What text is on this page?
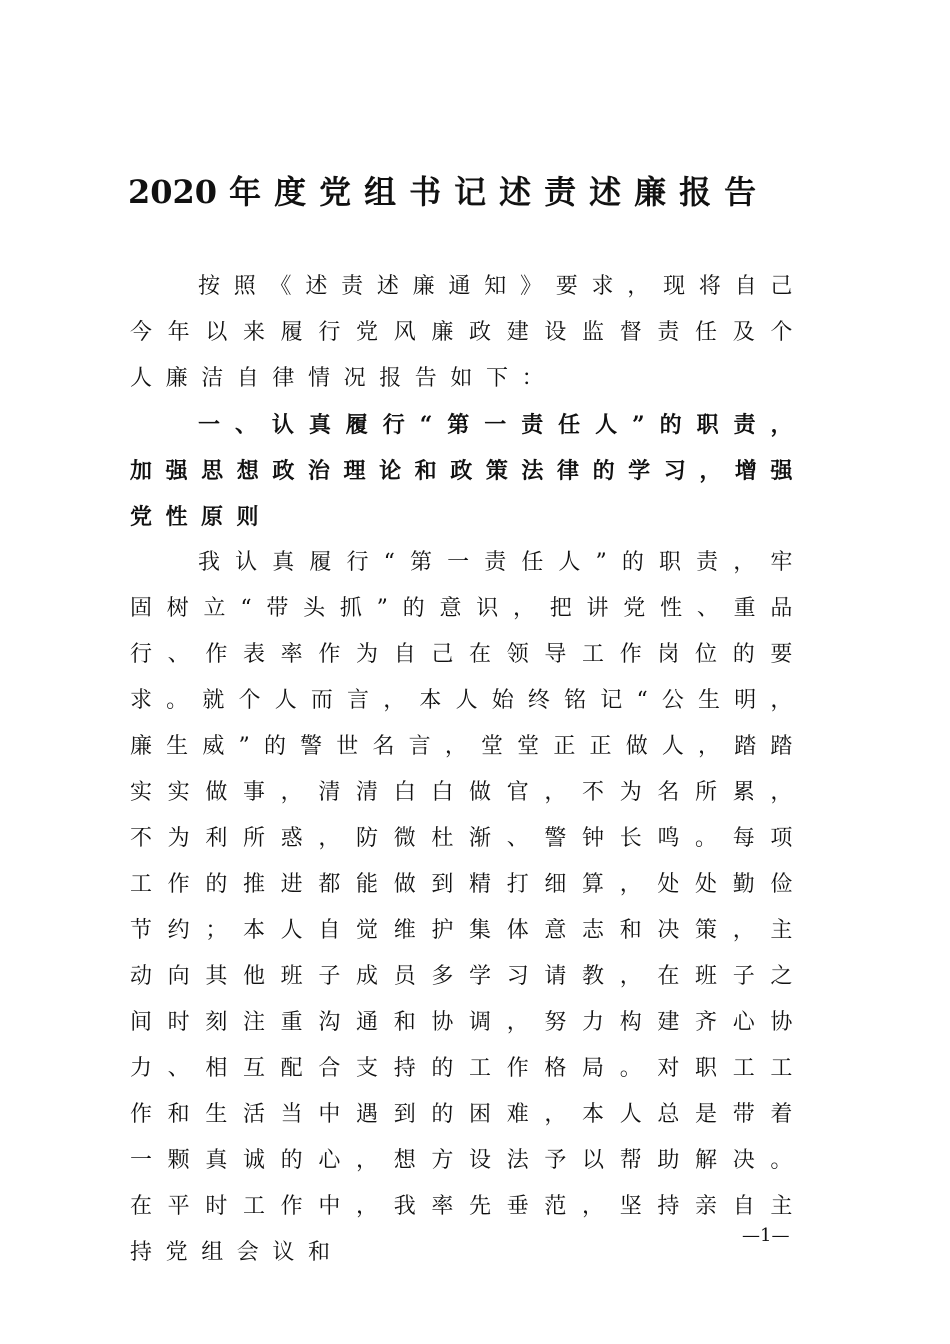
2020 年度党组书记述责述廉报告

按照《述责述廉通知》要求，现将自己今年以来履行党风廉政建设监督责任及个人廉洁自律情况报告如下：

一、认真履行“第一责任人”的职责，加强思想政治理论和政策法律的学习，增强党性原则

我认真履行“第一责任人”的职责，牢固树立“带头抓”的意识，把讲党性、重品行、作表率作为自己在领导工作岗位的要求。就个人而言，本人始终铭记“公生明，廉生威”的警世名言，堂堂正正做人，踏踏实实做事，清清白白做官，不为名所累，不为利所惑，防微杜渐、警钟长鸣。每项工作的推进都能做到精打细算，处处勤俭节约；本人自觉维护集体意志和决策，主动向其他班子成员多学习请教，在班子之间时刻注重沟通和协调，努力构建齐心协力、相互配合支持的工作格局。对职工工作和生活当中遇到的困难，本人总是带着一颗真诚的心，想方设法予以帮助解决。在平时工作中，我率先垂范，坚持亲自主持党组会议和

—1—
